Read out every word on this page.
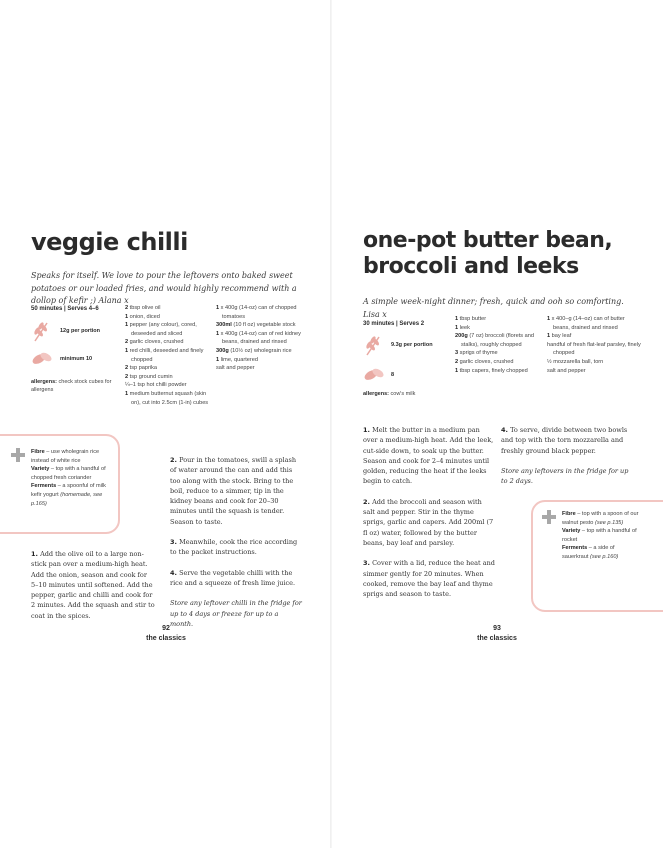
veggie chilli
Speaks for itself. We love to pour the leftovers onto baked sweet potatoes or our loaded fries, and would highly recommend with a dollop of kefir ;) Alana x
50 minutes | Serves 4–6
12g per portion
minimum 10
allergens: check stock cubes for allergens
2 tbsp olive oil
1 onion, diced
1 pepper (any colour), cored, deseeded and sliced
2 garlic cloves, crushed
1 red chilli, deseeded and finely chopped
2 tsp paprika
2 tsp ground cumin
¼–1 tsp hot chilli powder
1 medium butternut squash (skin on), cut into 2.5cm (1-in) cubes
1 x 400g (14-oz) can of chopped tomatoes
300ml (10 fl oz) vegetable stock
1 x 400g (14-oz) can of red kidney beans, drained and rinsed
300g (10½ oz) wholegrain rice
1 lime, quartered
salt and pepper
Fibre – use wholegrain rice instead of white rice
Variety – top with a handful of chopped fresh coriander
Ferments – a spoonful of milk kefir yogurt (homemade, see p.165)

1. Add the olive oil to a large non-stick pan over a medium-high heat. Add the onion, season and cook for 5–10 minutes until softened. Add the pepper, garlic and chilli and cook for 2 minutes. Add the squash and stir to coat in the spices.

2. Pour in the tomatoes, swill a splash of water around the can and add this too along with the stock. Bring to the boil, reduce to a simmer, tip in the kidney beans and cook for 20–30 minutes until the squash is tender. Season to taste.

3. Meanwhile, cook the rice according to the packet instructions.

4. Serve the vegetable chilli with the rice and a squeeze of fresh lime juice.

Store any leftover chilli in the fridge for up to 4 days or freeze for up to a month.

92
the classics
one-pot butter bean,
broccoli and leeks
A simple week-night dinner; fresh, quick and ooh so comforting. Lisa x
30 minutes | Serves 2
9.3g per portion
8
allergens: cow's milk
1 tbsp butter
1 leek
200g (7 oz) broccoli (florets and stalks), roughly chopped
3 sprigs of thyme
2 garlic cloves, crushed
1 tbsp capers, finely chopped
1 x 400–g (14–oz) can of butter beans, drained and rinsed
1 bay leaf
handful of fresh flat-leaf parsley, finely chopped
½ mozzarella ball, torn
salt and pepper

1. Melt the butter in a medium pan over a medium-high heat. Add the leek, cut-side down, to soak up the butter. Season and cook for 2–4 minutes until golden, reducing the heat if the leeks begin to catch.

2. Add the broccoli and season with salt and pepper. Stir in the thyme sprigs, garlic and capers. Add 200ml (7 fl oz) water, followed by the butter beans, bay leaf and parsley.

3. Cover with a lid, reduce the heat and simmer gently for 20 minutes. When cooked, remove the bay leaf and thyme sprigs and season to taste.

4. To serve, divide between two bowls and top with the torn mozzarella and freshly ground black pepper.

Store any leftovers in the fridge for up to 2 days.

Fibre – top with a spoon of our walnut pesto (see p.135)
Variety – top with a handful of rocket
Ferments – a side of sauerkraut (see p.160)
93
the classics
